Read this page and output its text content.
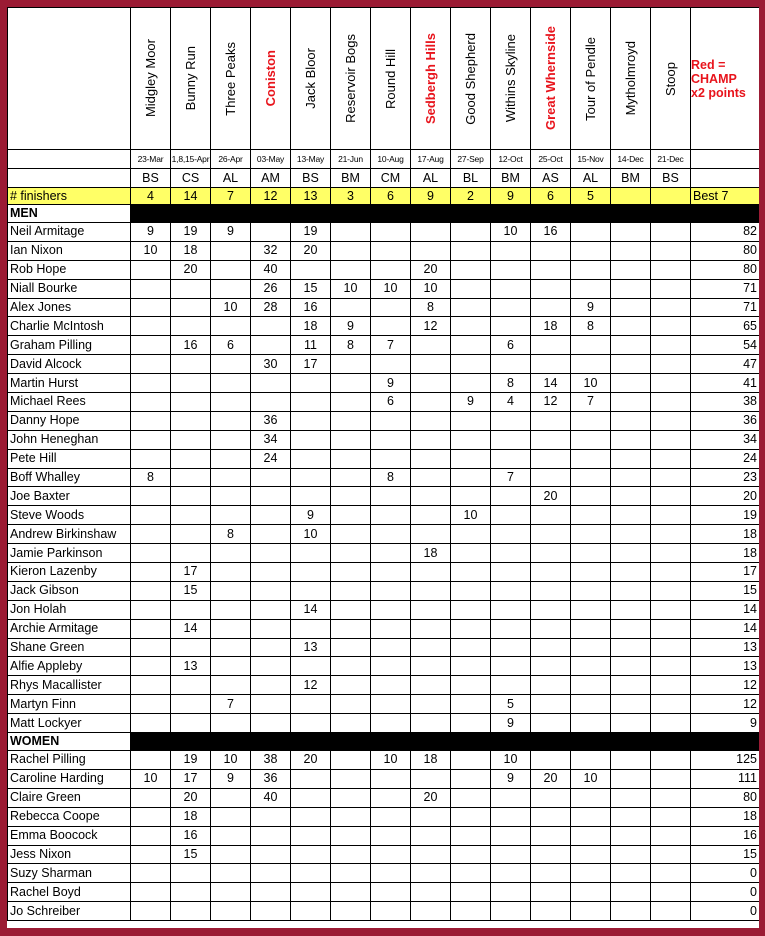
	Midgley Moor	Bunny Run	Three Peaks	Coniston	Jack Bloor	Reservoir Bogs	Round Hill	Sedbergh Hills	Good Shepherd	Withins Skyline	Great Whernside	Tour of Pendle	Mytholmroyd	Stoop	Red =
CHAMP
x2 points

	23-Mar	1,8,15-Apr	26-Apr	03-May	13-May	21-Jun	10-Aug	17-Aug	27-Sep	12-Oct	25-Oct	15-Nov	14-Dec	21-Dec	
	BS	CS	AL	AM	BS	BM	CM	AL	BL	BM	AS	AL	BM	BS	
# finishers	4	14	7	12	13	3	6	9	2	9	6	5			Best 7
MEN															
Neil Armitage	9	19	9		19					10	16				82
Ian Nixon	10	18		32	20										80
Rob Hope		20		40				20							80
Niall Bourke				26	15	10	10	10							71
Alex Jones			10	28	16			8				9			71
Charlie McIntosh					18	9		12			18	8			65
Graham Pilling		16	6		11	8	7			6					54
David Alcock				30	17										47
Martin Hurst							9			8	14	10			41
Michael Rees							6		9	4	12	7			38
Danny Hope				36											36
John Heneghan				34											34
Pete Hill				24											24
Boff Whalley	8						8			7					23
Joe Baxter											20				20
Steve Woods					9				10						19
Andrew Birkinshaw			8		10										18
Jamie Parkinson								18							18
Kieron Lazenby		17													17
Jack Gibson		15													15
Jon Holah					14										14
Archie Armitage		14													14
Shane Green					13										13
Alfie Appleby		13													13
Rhys Macallister					12										12
Martyn Finn			7							5					12
Matt Lockyer										9					9
WOMEN															
Rachel Pilling		19	10	38	20		10	18		10					125
Caroline Harding	10	17	9	36						9	20	10			111
Claire Green		20		40				20							80
Rebecca Coope		18													18
Emma Boocock		16													16
Jess Nixon		15													15
Suzy Sharman															0
Rachel Boyd															0
Jo Schreiber															0
